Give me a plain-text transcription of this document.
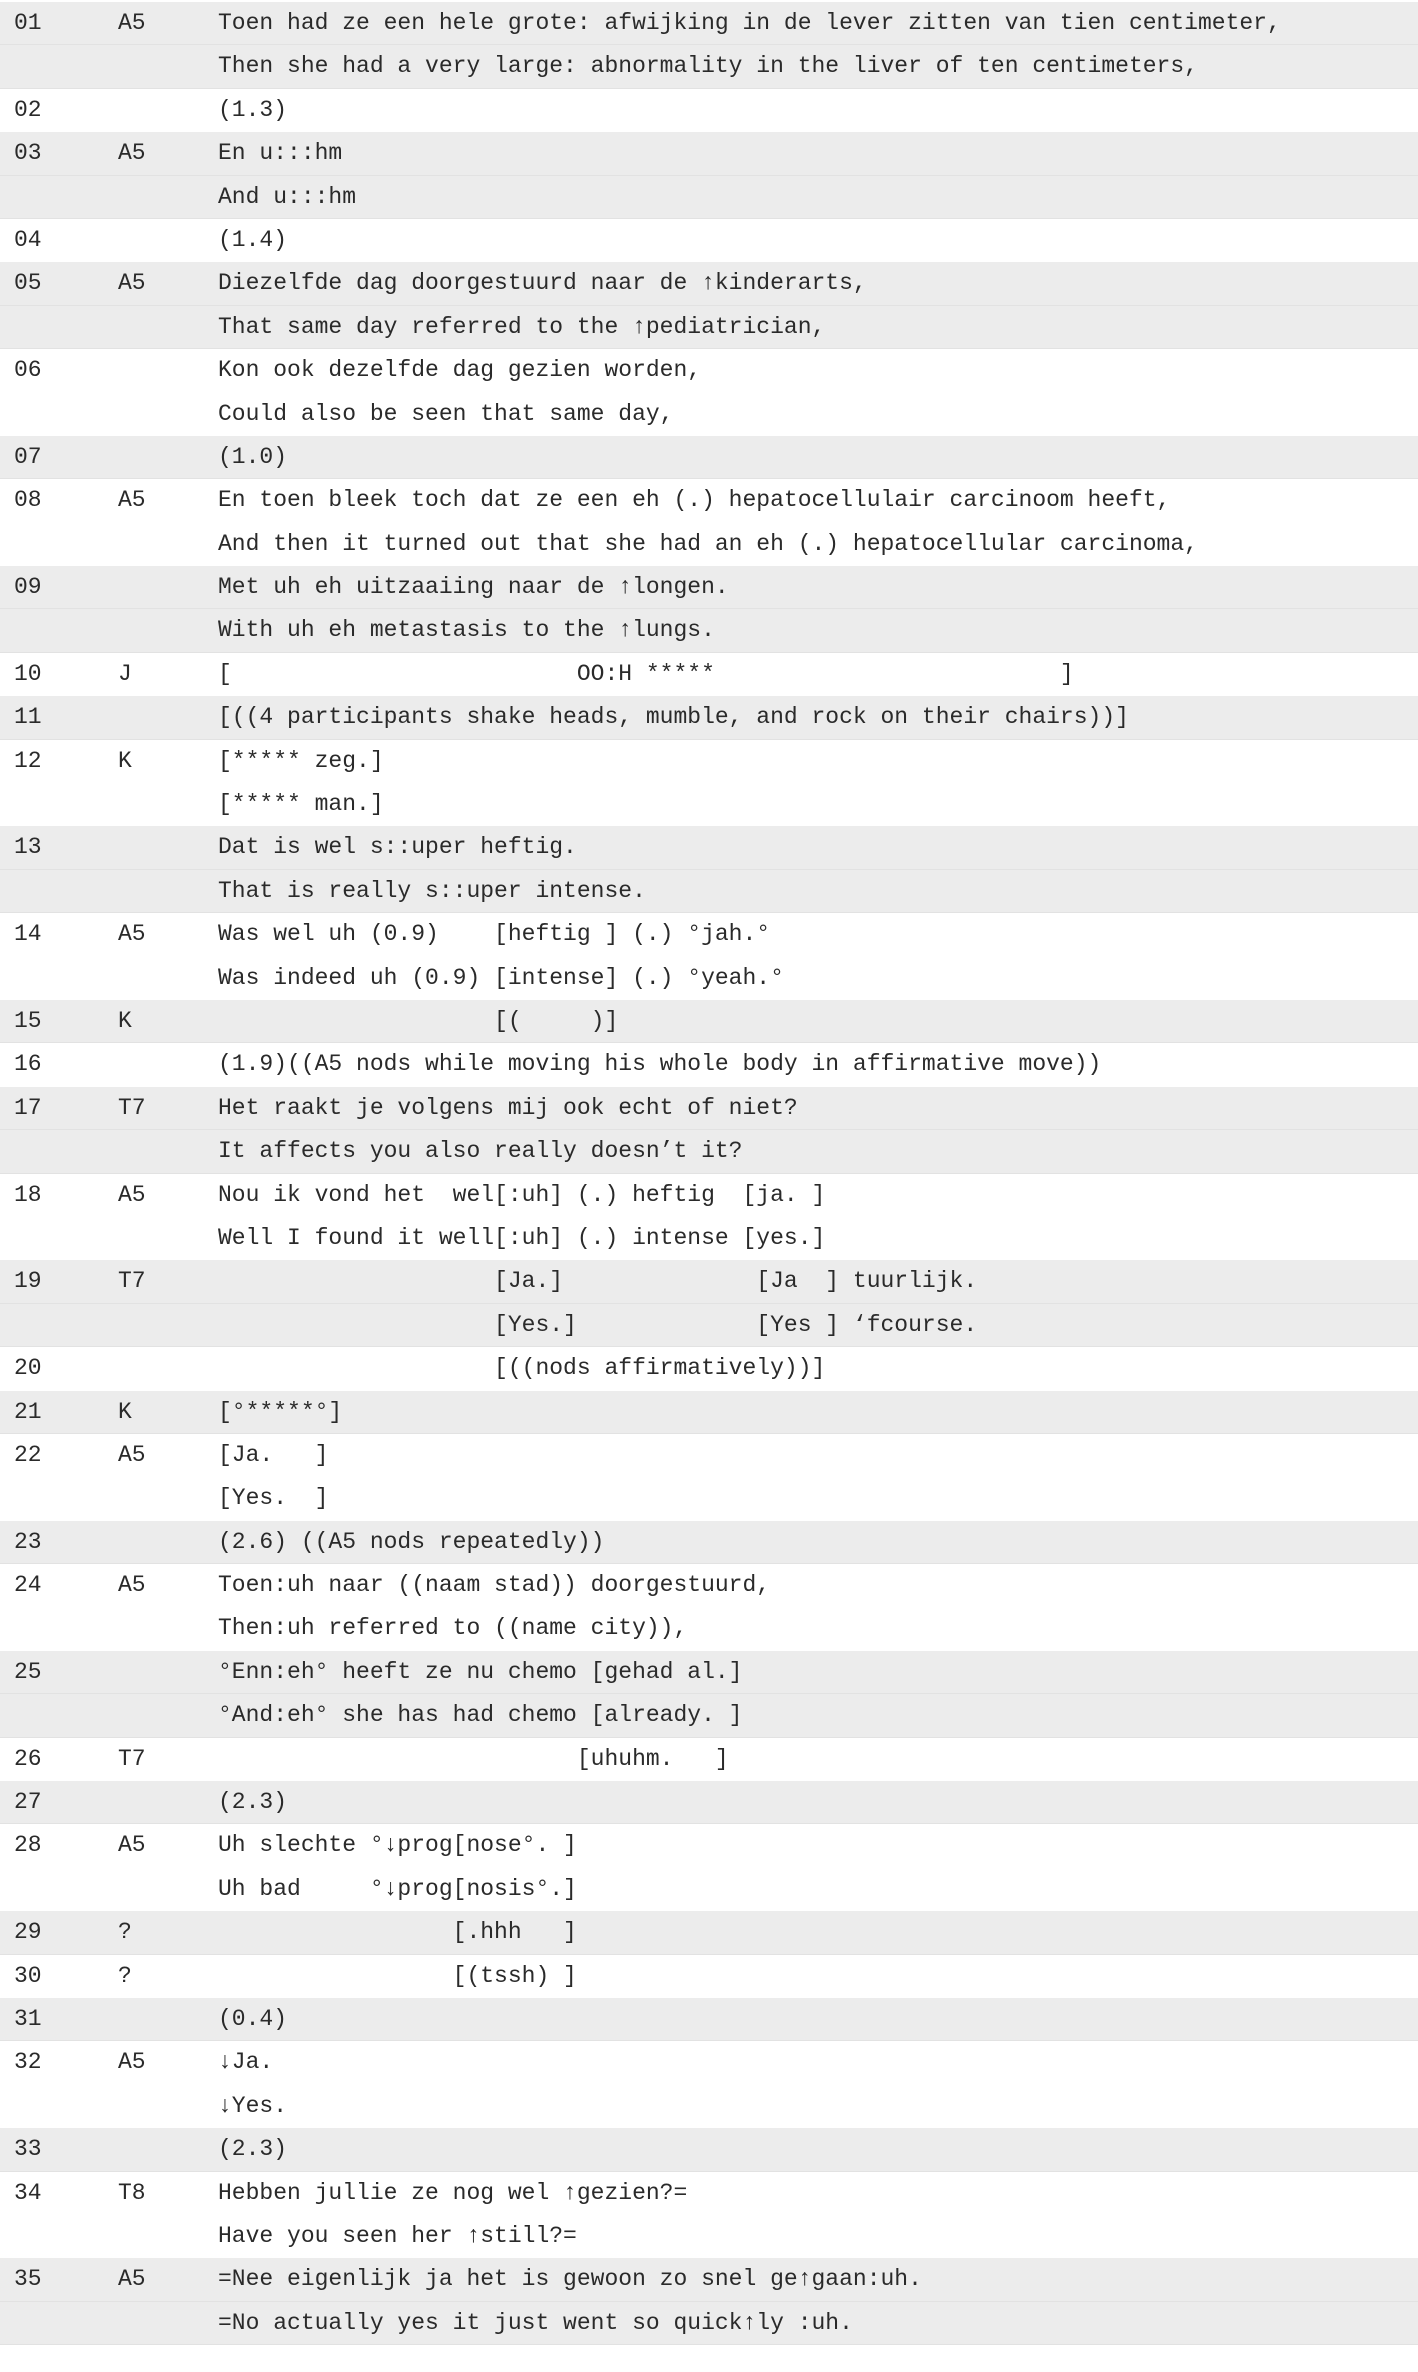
01	A5	Toen had ze een hele grote: afwijking in de lever zitten van tien centimeter,
Then she had a very large: abnormality in the liver of ten centimeters,
02	(1.3)
03	A5	En u:::hm
And u:::hm
04	(1.4)
05	A5	Diezelfde dag doorgestuurd naar de ↑kinderarts,
That same day referred to the ↑pediatrician,
06	Kon ook dezelfde dag gezien worden,
Could also be seen that same day,
07	(1.0)
08	A5	En toen bleek toch dat ze een eh (.) hepatocellulair carcinoom heeft,
And then it turned out that she had an eh (.) hepatocellular carcinoma,
09	Met uh eh uitzaaiing naar de ↑longen.
With uh eh metastasis to the ↑lungs.
10	J	[                         OO:H *****                         ]
11	[((4 participants shake heads, mumble, and rock on their chairs))]
12	K	[***** zeg.]
[***** man.]
13	Dat is wel s::uper heftig.
That is really s::uper intense.
14	A5	Was wel uh (0.9)    [heftig ] (.) °jah.°
Was indeed uh (0.9) [intense] (.) °yeah.°
15	K	[(     )]
16	(1.9)((A5 nods while moving his whole body in affirmative move))
17	T7	Het raakt je volgens mij ook echt of niet?
It affects you also really doesn’t it?
18	A5	Nou ik vond het  wel[:uh] (.) heftig  [ja. ]
Well I found it well[:uh] (.) intense [yes.]
19	T7	[Ja.]              [Ja  ] tuurlijk.
[Yes.]             [Yes ] ‘fcourse.
20	[((nods affirmatively))]
21	K	[°*****°]
22	A5	[Ja.   ]
[Yes.  ]
23	(2.6) ((A5 nods repeatedly))
24	A5	Toen:uh naar ((naam stad)) doorgestuurd,
Then:uh referred to ((name city)),
25	°Enn:eh° heeft ze nu chemo [gehad al.]
°And:eh° she has had chemo [already. ]
26	T7	[uhuhm.   ]
27	(2.3)
28	A5	Uh slechte °↓prog[nose°. ]
Uh bad     °↓prog[nosis°.]
29	?	[.hhh   ]
30	?	[(tssh) ]
31	(0.4)
32	A5	↓Ja.
↓Yes.
33	(2.3)
34	T8	Hebben jullie ze nog wel ↑gezien?=
Have you seen her ↑still?=
35	A5	=Nee eigenlijk ja het is gewoon zo snel ge↑gaan:uh.
=No actually yes it just went so quick↑ly :uh.
